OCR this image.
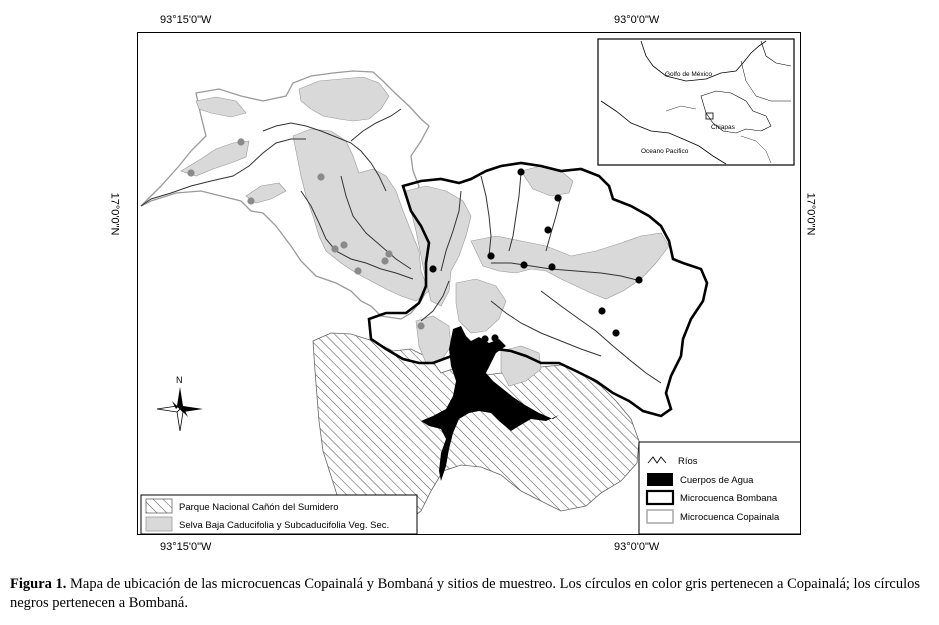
93°15'0"W	93°0'0"W
93°15'0"W	93°0'0"W
17°0'0"N	17°0'0"N
N
Golfo de México
Chiapas
Oceano Pacifico
Ríos
Cuerpos de Agua
Microcuenca Bombana
Microcuenca Copainala
Parque Nacional Cañón del Sumidero
Selva Baja Caducifolia y Subcaducifolia Veg. Sec.
Figura 1. Mapa de ubicación de las microcuencas Copainalá y Bombaná y sitios de muestreo. Los círculos en color gris pertenecen a Copainalá; los círculos negros pertenecen a Bombaná.
